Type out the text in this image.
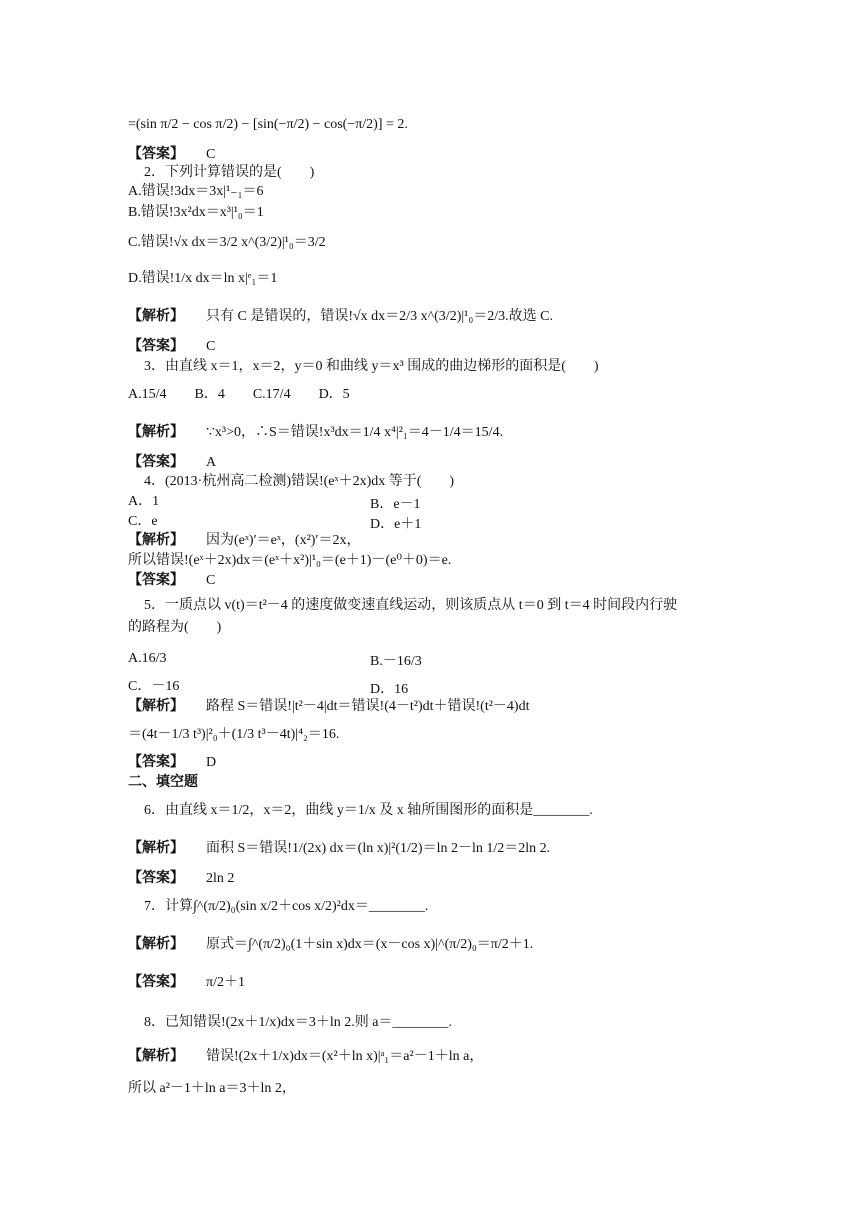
=(sin π/2 − cos π/2) − [sin(−π/2) − cos(−π/2)] = 2.
【答案】 C
2．下列计算错误的是(　　)
A.错误!3dx＝3x|¹₋₁＝6
B.错误!3x²dx＝x³|¹₀＝1
C.错误!√x dx＝3/2 x^(3/2)|¹₀＝3/2
D.错误!1/x dx＝ln x|ᵉ₁＝1
【解析】 只有 C 是错误的，错误!√x dx＝2/3 x^(3/2)|¹₀＝2/3.故选 C.
【答案】 C
3．由直线 x＝1，x＝2，y＝0 和曲线 y＝x³ 围成的曲边梯形的面积是(　　)
A.15/4　　B．4　　C.17/4　　D．5
【解析】 ∵x³>0，∴S＝错误!x³dx＝1/4 x⁴|²₁＝4－1/4＝15/4.
【答案】 A
4．(2013·杭州高二检测)错误!(eˣ＋2x)dx 等于(　　)
A．1	B．e－1
C．e	D．e＋1
【解析】 因为(eˣ)′＝eˣ，(x²)′＝2x，
所以错误!(eˣ＋2x)dx＝(eˣ＋x²)|¹₀＝(e＋1)－(e⁰＋0)＝e.
【答案】 C
5．一质点以 v(t)＝t²－4 的速度做变速直线运动，则该质点从 t＝0 到 t＝4 时间段内行驶
的路程为(　　)
A.16/3	B.－16/3
C．－16	D．16
【解析】 路程 S＝错误!|t²－4|dt＝错误!(4－t²)dt＋错误!(t²－4)dt
＝(4t－1/3 t³)|²₀＋(1/3 t³－4t)|⁴₂＝16.
【答案】 D
二、填空题
6．由直线 x＝1/2，x＝2，曲线 y＝1/x 及 x 轴所围图形的面积是________.
【解析】 面积 S＝错误!1/(2x) dx＝(ln x)|²(1/2)＝ln 2－ln 1/2＝2ln 2.
【答案】 2ln 2
7．计算∫^(π/2)₀(sin x/2＋cos x/2)²dx＝________.
【解析】 原式＝∫^(π/2)₀(1＋sin x)dx＝(x－cos x)|^(π/2)₀＝π/2＋1.
【答案】 π/2＋1
8．已知错误!(2x＋1/x)dx＝3＋ln 2.则 a＝________.
【解析】 错误!(2x＋1/x)dx＝(x²＋ln x)|ᵃ₁＝a²－1＋ln a，
所以 a²－1＋ln a＝3＋ln 2，
